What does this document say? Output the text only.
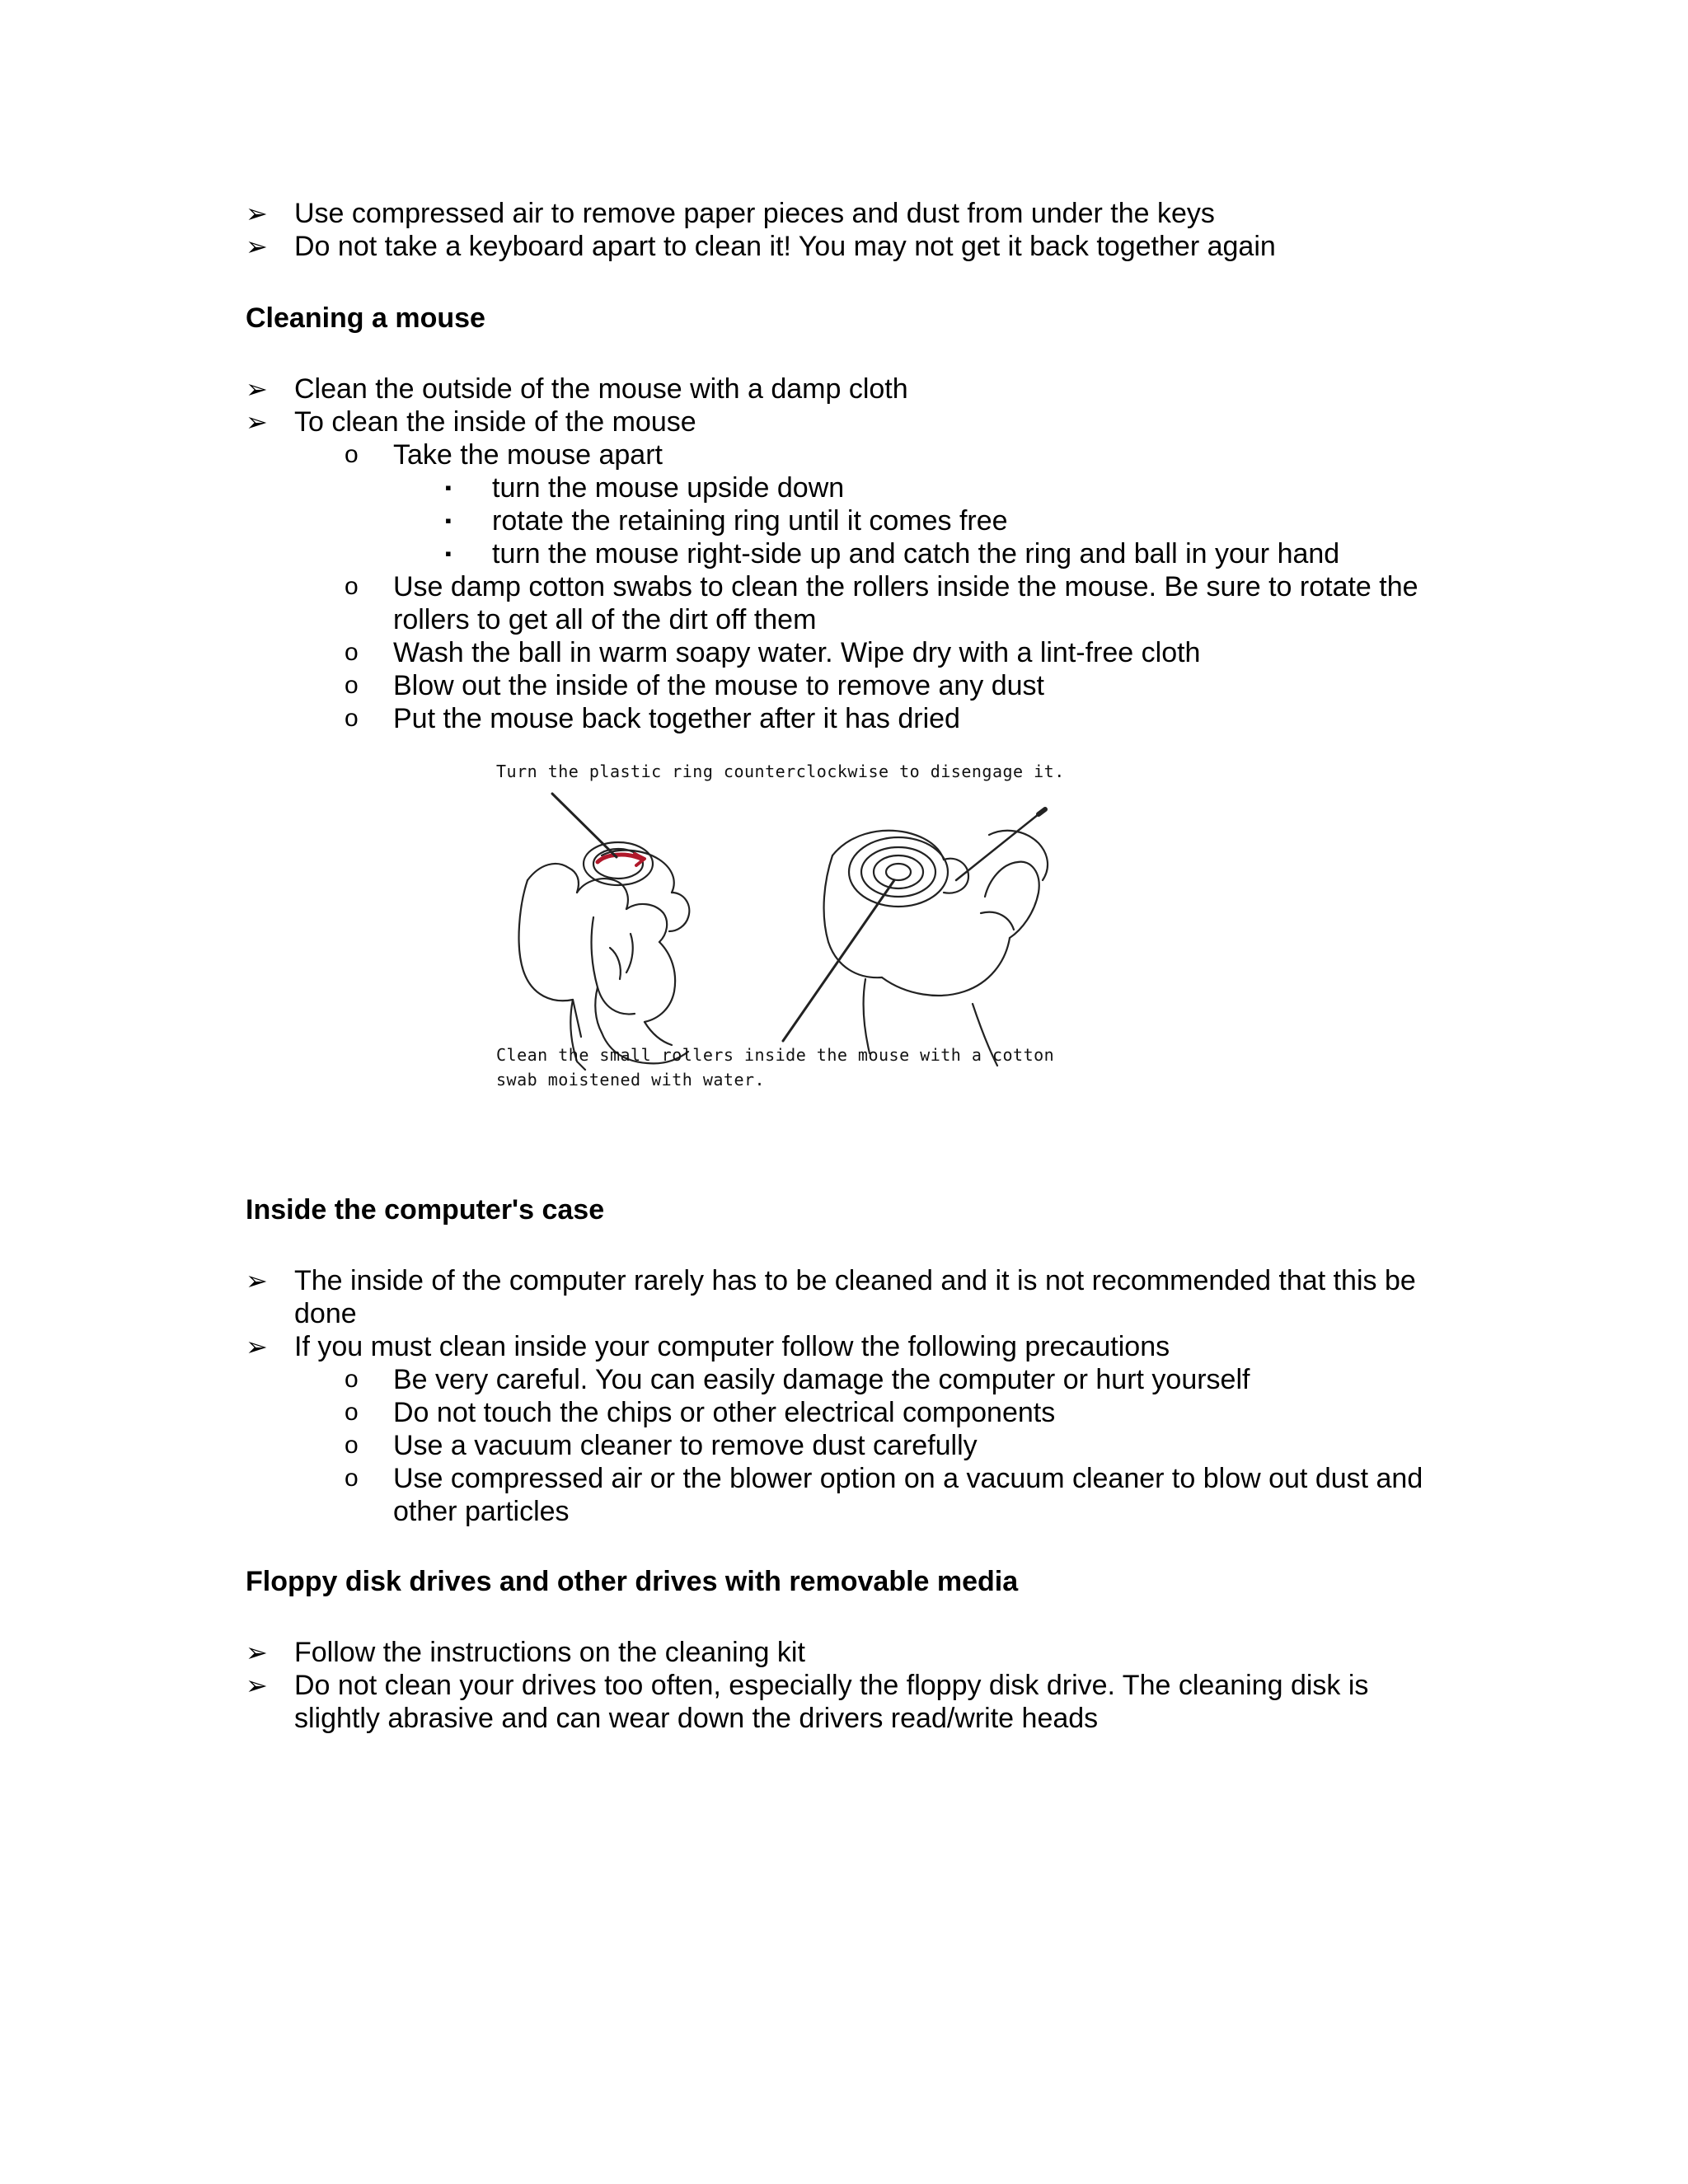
➢ Use compressed air to remove paper pieces and dust from under the keys
➢ Do not take a keyboard apart to clean it! You may not get it back together again
Cleaning a mouse
➢ Clean the outside of the mouse with a damp cloth
➢ To clean the inside of the mouse
o Take the mouse apart
▪ turn the mouse upside down
▪ rotate the retaining ring until it comes free
▪ turn the mouse right-side up and catch the ring and ball in your hand
o Use damp cotton swabs to clean the rollers inside the mouse. Be sure to rotate the
rollers to get all of the dirt off them
o Wash the ball in warm soapy water. Wipe dry with a lint-free cloth
o Blow out the inside of the mouse to remove any dust
o Put the mouse back together after it has dried
Turn the plastic ring counterclockwise to disengage it.
Clean the small rollers inside the mouse with a cotton
swab moistened with water.
Inside the computer's case
➢ The inside of the computer rarely has to be cleaned and it is not recommended that this be
done
➢ If you must clean inside your computer follow the following precautions
o Be very careful. You can easily damage the computer or hurt yourself
o Do not touch the chips or other electrical components
o Use a vacuum cleaner to remove dust carefully
o Use compressed air or the blower option on a vacuum cleaner to blow out dust and
other particles
Floppy disk drives and other drives with removable media
➢ Follow the instructions on the cleaning kit
➢ Do not clean your drives too often, especially the floppy disk drive. The cleaning disk is
slightly abrasive and can wear down the drivers read/write heads
